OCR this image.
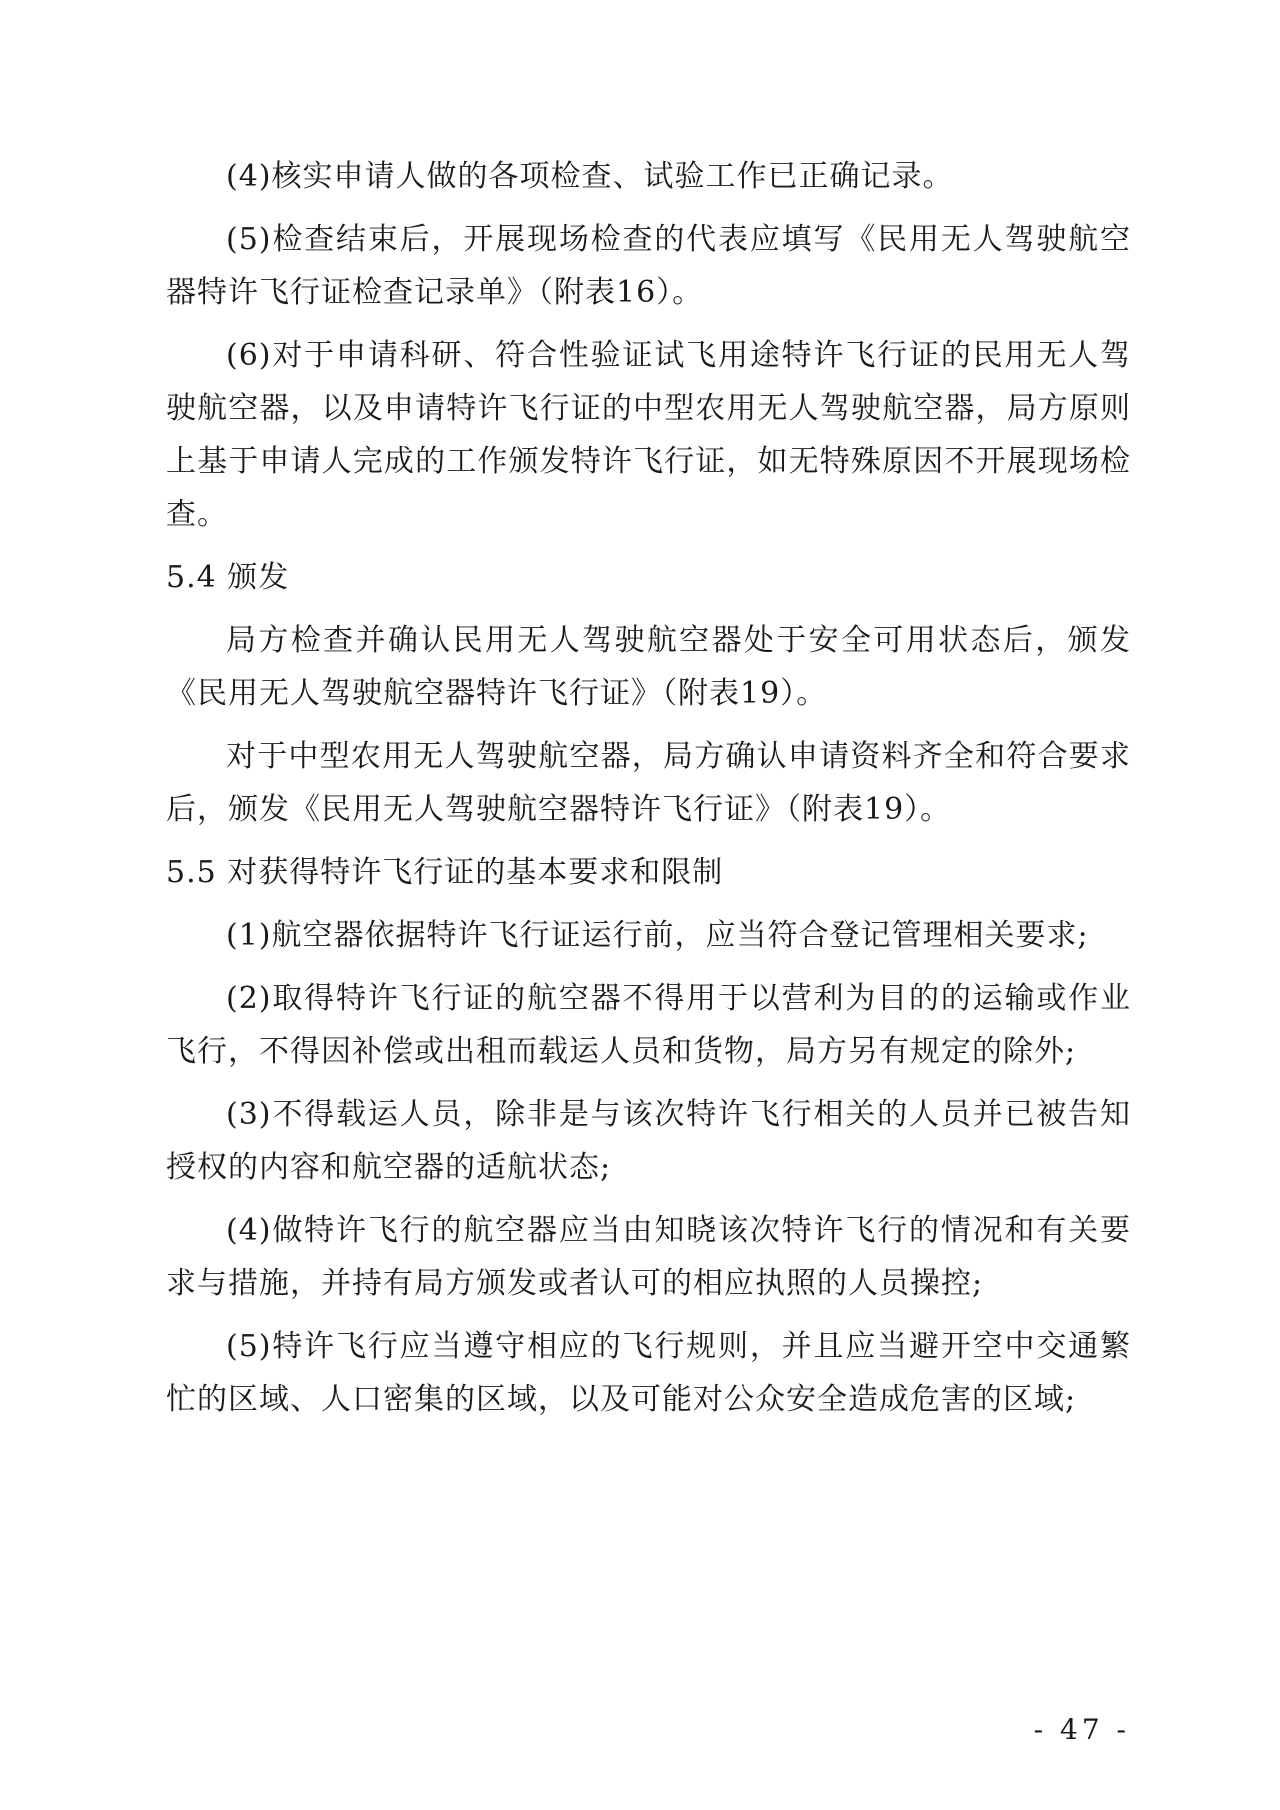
(4)核实申请人做的各项检查、试验工作已正确记录。

(5)检查结束后，开展现场检查的代表应填写《民用无人驾驶航空器特许飞行证检查记录单》（附表16）。

(6)对于申请科研、符合性验证试飞用途特许飞行证的民用无人驾驶航空器，以及申请特许飞行证的中型农用无人驾驶航空器，局方原则上基于申请人完成的工作颁发特许飞行证，如无特殊原因不开展现场检查。

5.4 颁发

局方检查并确认民用无人驾驶航空器处于安全可用状态后，颁发《民用无人驾驶航空器特许飞行证》（附表19）。

对于中型农用无人驾驶航空器，局方确认申请资料齐全和符合要求后，颁发《民用无人驾驶航空器特许飞行证》（附表19）。

5.5 对获得特许飞行证的基本要求和限制

(1)航空器依据特许飞行证运行前，应当符合登记管理相关要求;

(2)取得特许飞行证的航空器不得用于以营利为目的的运输或作业飞行，不得因补偿或出租而载运人员和货物，局方另有规定的除外;

(3)不得载运人员，除非是与该次特许飞行相关的人员并已被告知授权的内容和航空器的适航状态;

(4)做特许飞行的航空器应当由知晓该次特许飞行的情况和有关要求与措施，并持有局方颁发或者认可的相应执照的人员操控;

(5)特许飞行应当遵守相应的飞行规则，并且应当避开空中交通繁忙的区域、人口密集的区域，以及可能对公众安全造成危害的区域;

- 47 -
